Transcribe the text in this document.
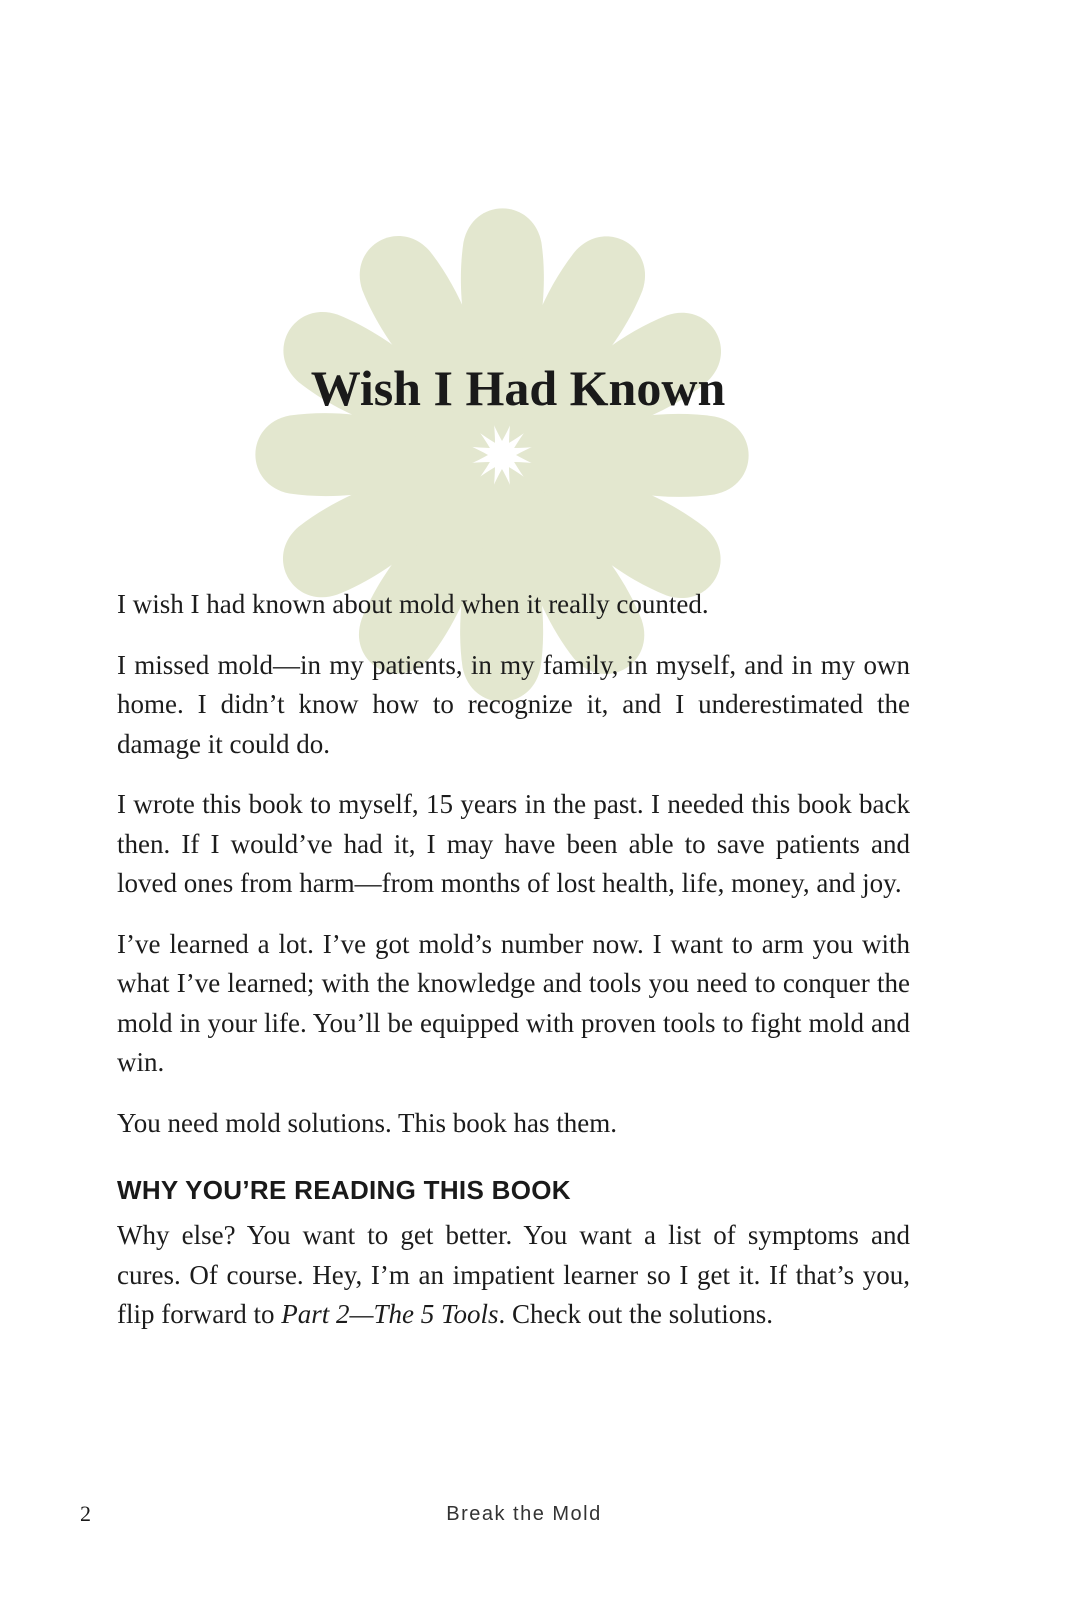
Wish I Had Known

I wish I had known about mold when it really counted.

I missed mold—in my patients, in my family, in myself, and in my own home. I didn’t know how to recognize it, and I underestimated the damage it could do.

I wrote this book to myself, 15 years in the past. I needed this book back then. If I would’ve had it, I may have been able to save patients and loved ones from harm—from months of lost health, life, money, and joy.

I’ve learned a lot. I’ve got mold’s number now. I want to arm you with what I’ve learned; with the knowledge and tools you need to conquer the mold in your life. You’ll be equipped with proven tools to fight mold and win.

You need mold solutions. This book has them.

WHY YOU’RE READING THIS BOOK

Why else? You want to get better. You want a list of symptoms and cures. Of course. Hey, I’m an impatient learner so I get it. If that’s you, flip forward to Part 2—The 5 Tools. Check out the solutions.

2	Break the Mold
